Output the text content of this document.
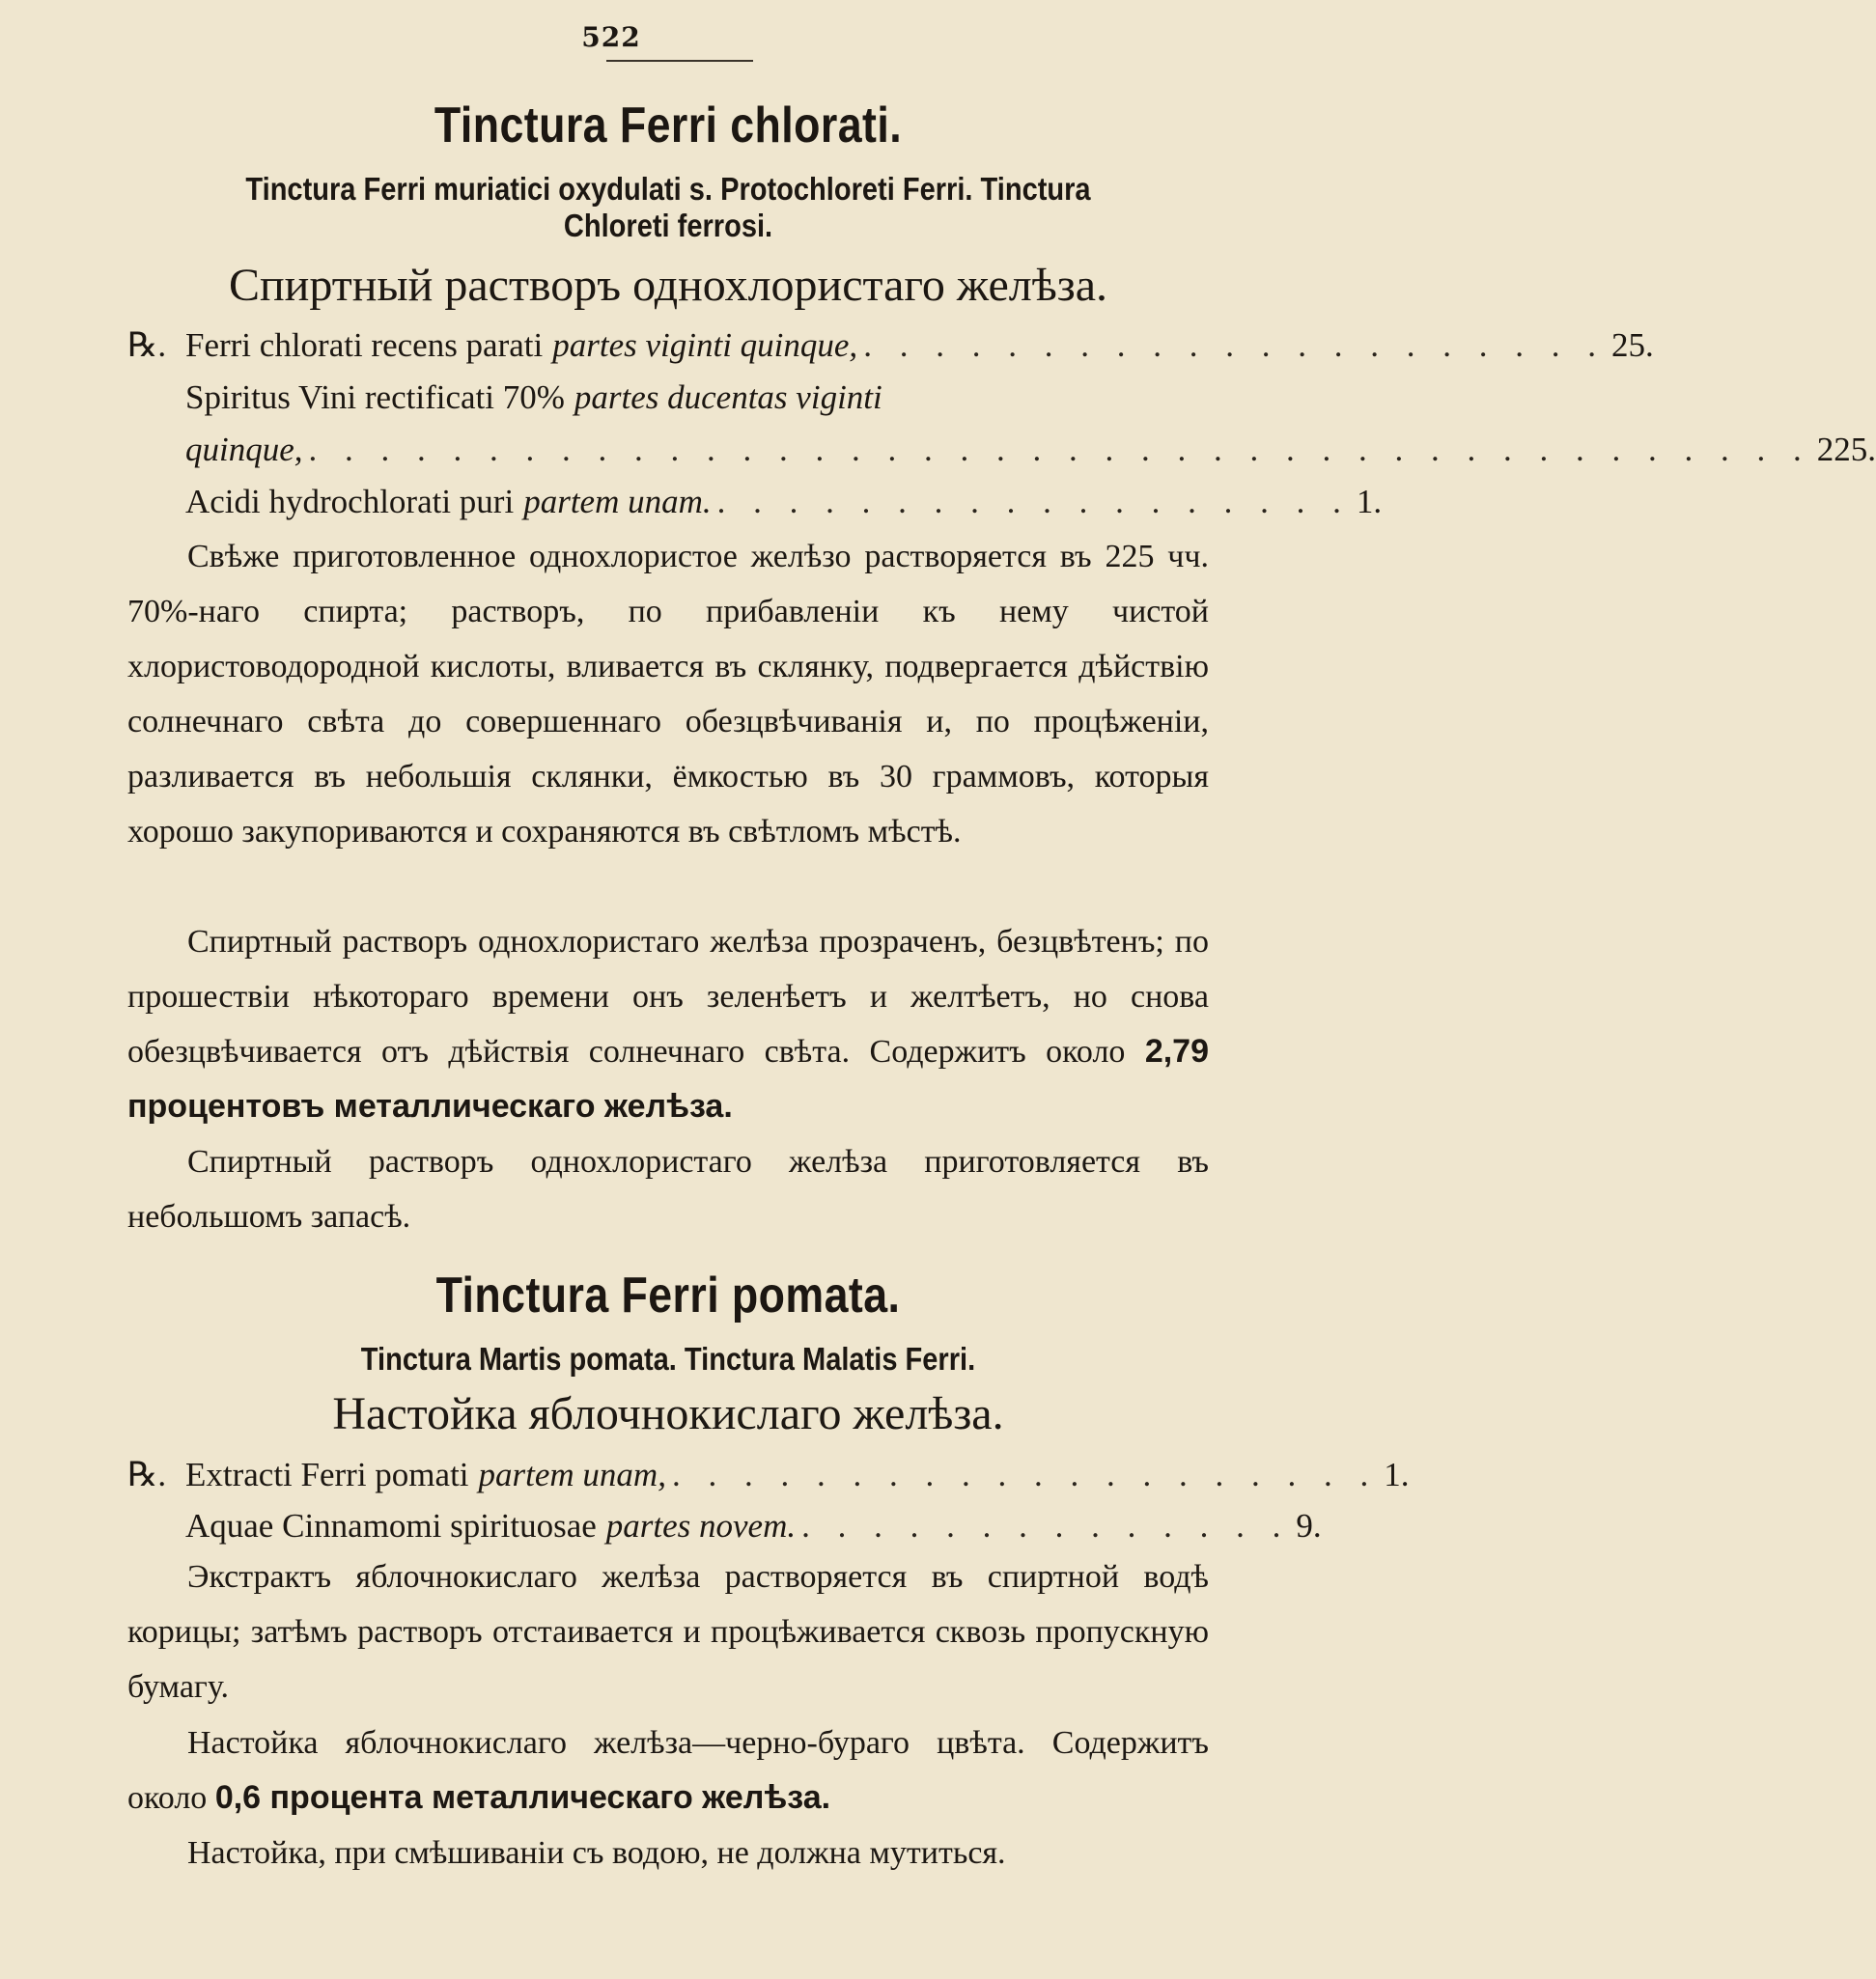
522
Tinctura Ferri chlorati.
Tinctura Ferri muriatici oxydulati s. Protochloreti Ferri. Tinctura Chloreti ferrosi.
Спиртный растворъ однохлористаго желѣза.
℞. Ferri chlorati recens parati partes viginti quinque, . . . . . . . . . . . . . . . . . . . . . 25.
Spiritus Vini rectificati 70% partes ducentas viginti
quinque, . . . . . . . . . . . . . . . . . . . . . . . . . . . . . . . . . . . . . . . . . . 225.
Acidi hydrochlorati puri partem unam. . . . . . . . . . . . . . . . . . . 1.

Свѣже приготовленное однохлористое желѣзо растворяется въ 225 чч. 70%-наго спирта; растворъ, по прибавленіи къ нему чистой хлористоводородной кислоты, вливается въ склянку, подвергается дѣйствію солнечнаго свѣта до совершеннаго обезцвѣчиванія и, по процѣженіи, разливается въ небольшія склянки, ёмкостью въ 30 граммовъ, которыя хорошо закупориваются и сохраняются въ свѣтломъ мѣстѣ.

Спиртный растворъ однохлористаго желѣза прозраченъ, безцвѣтенъ; по прошествіи нѣкотораго времени онъ зеленѣетъ и желтѣетъ, но снова обезцвѣчивается отъ дѣйствія солнечнаго свѣта. Содержитъ около 2,79 процентовъ металлическаго желѣза.

Спиртный растворъ однохлористаго желѣза приготовляется въ небольшомъ запасѣ.

Tinctura Ferri pomata.
Tinctura Martis pomata. Tinctura Malatis Ferri.
Настойка яблочнокислаго желѣза.
℞. Extracti Ferri pomati partem unam, . . . . . . . . . . . . . . . . . . . . 1.
Aquae Cinnamomi spirituosae partes novem. . . . . . . . . . . . . . . 9.

Экстрактъ яблочнокислаго желѣза растворяется въ спиртной водѣ корицы; затѣмъ растворъ отстаивается и процѣживается сквозь пропускную бумагу.

Настойка яблочнокислаго желѣза—черно-бураго цвѣта. Содержитъ около 0,6 процента металлическаго желѣза.

Настойка, при смѣшиваніи съ водою, не должна мутиться.
